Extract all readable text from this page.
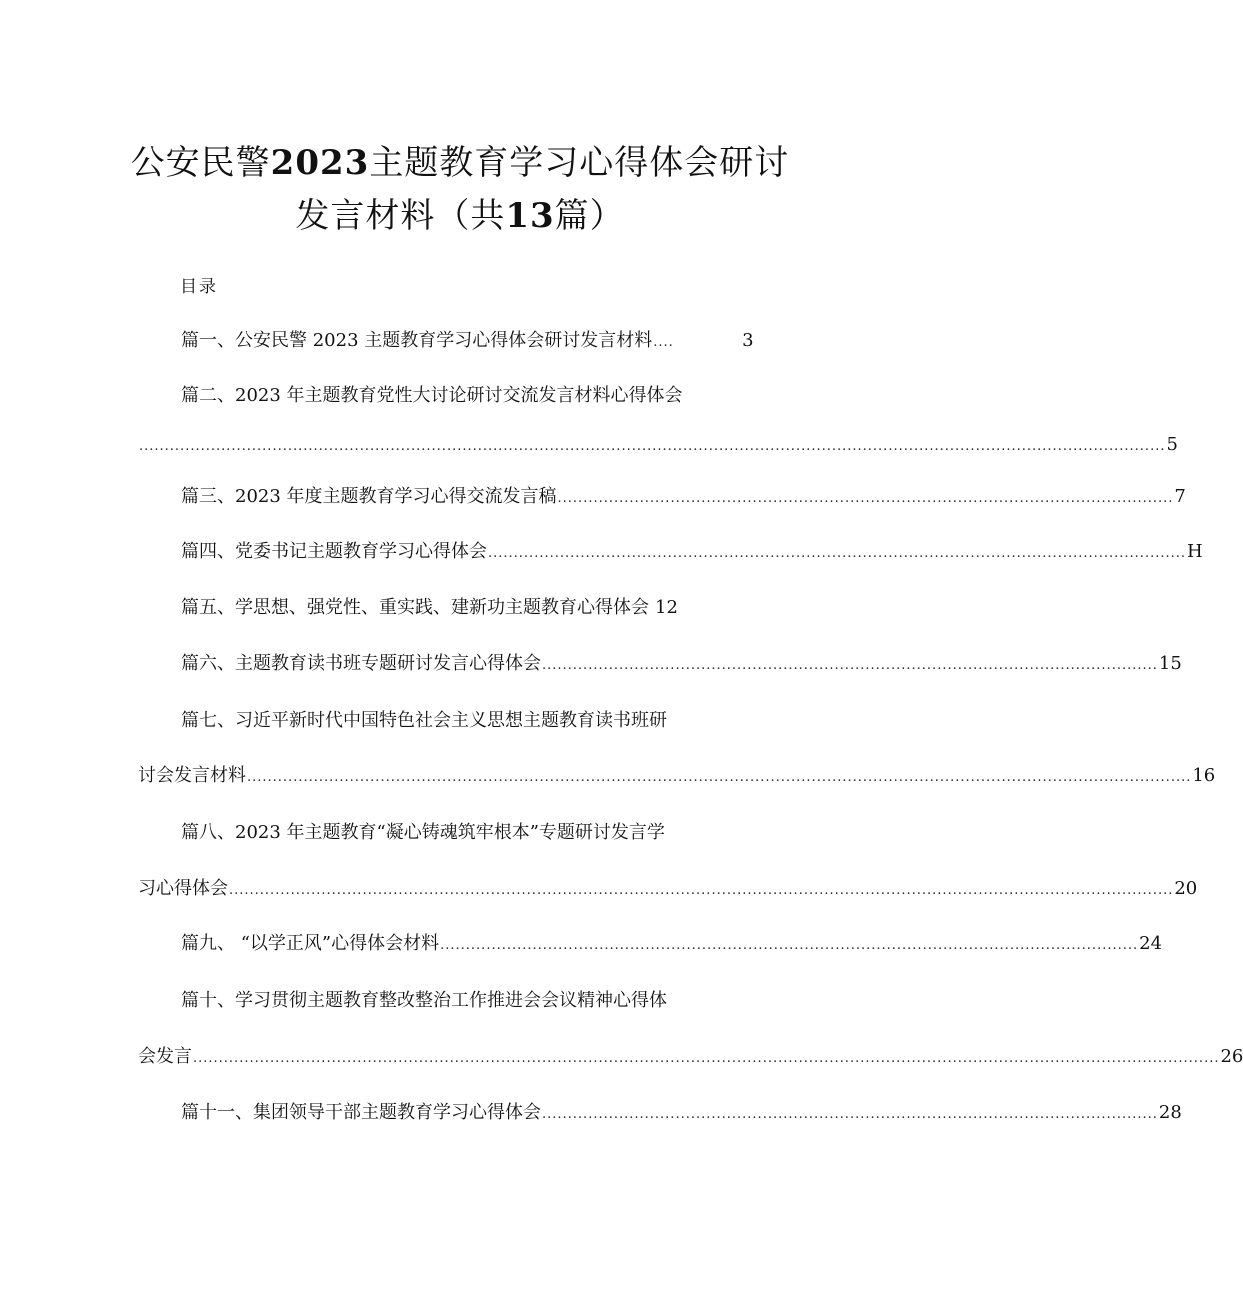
公安民警2023主题教育学习心得体会研讨
发言材料（共13篇）
目录
篇一、公安民警 2023 主题教育学习心得体会研讨发言材料 ....	3
篇二、2023 年主题教育党性大讨论研讨交流发言材料心得体会
........................................................................................................................................................................................................ 5
篇三、2023 年度主题教育学习心得交流发言稿 ........................................................................................................................ 7
篇四、党委书记主题教育学习心得体会 ........................................................................................................................................ H
篇五、学思想、强党性、重实践、建新功主题教育心得体会 12
篇六、主题教育读书班专题研讨发言心得体会 ........................................................................................................................ 15
篇七、习近平新时代中国特色社会主义思想主题教育读书班研
讨会发言材料 ........................................................................................................................................................................................ 16
篇八、2023 年主题教育“凝心铸魂筑牢根本”专题研讨发言学
习心得体会 ........................................................................................................................................................................................ 20
篇九、 “以学正风”心得体会材料 ........................................................................................................................................ 24
篇十、学习贯彻主题教育整改整治工作推进会会议精神心得体
会发言 ........................................................................................................................................................................................................ 26
篇十一、集团领导干部主题教育学习心得体会 ........................................................................................................................ 28
